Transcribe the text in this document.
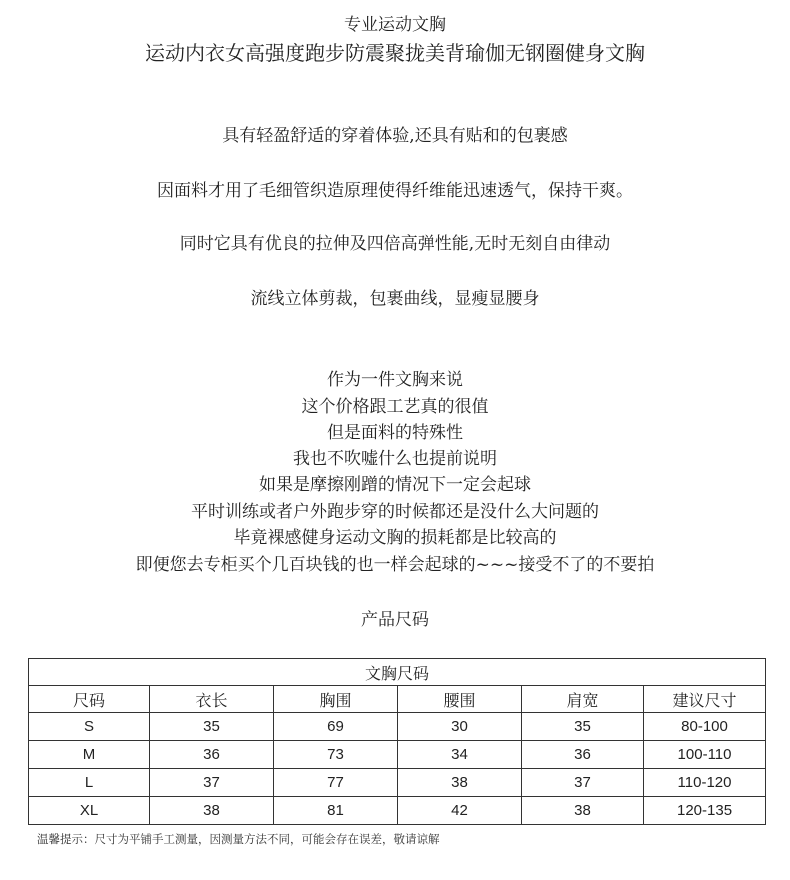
专业运动文胸
运动内衣女高强度跑步防震聚拢美背瑜伽无钢圈健身文胸
具有轻盈舒适的穿着体验,还具有贴和的包裹感
因面料才用了毛细管织造原理使得纤维能迅速透气，保持干爽。
同时它具有优良的拉伸及四倍高弹性能,无时无刻自由律动
流线立体剪裁，包裹曲线，显瘦显腰身
作为一件文胸来说
这个价格跟工艺真的很值
但是面料的特殊性
我也不吹嘘什么也提前说明
如果是摩擦刚蹭的情况下一定会起球
平时训练或者户外跑步穿的时候都还是没什么大问题的
毕竟裸感健身运动文胸的损耗都是比较高的
即便您去专柜买个几百块钱的也一样会起球的~~~接受不了的不要拍
产品尺码
文胸尺码					
尺码	衣长	胸围	腰围	肩宽	建议尺寸
S	35	69	30	35	80-100
M	36	73	34	36	100-110
L	37	77	38	37	110-120
XL	38	81	42	38	120-135
温馨提示：尺寸为平铺手工测量，因测量方法不同，可能会存在误差，敬请谅解
